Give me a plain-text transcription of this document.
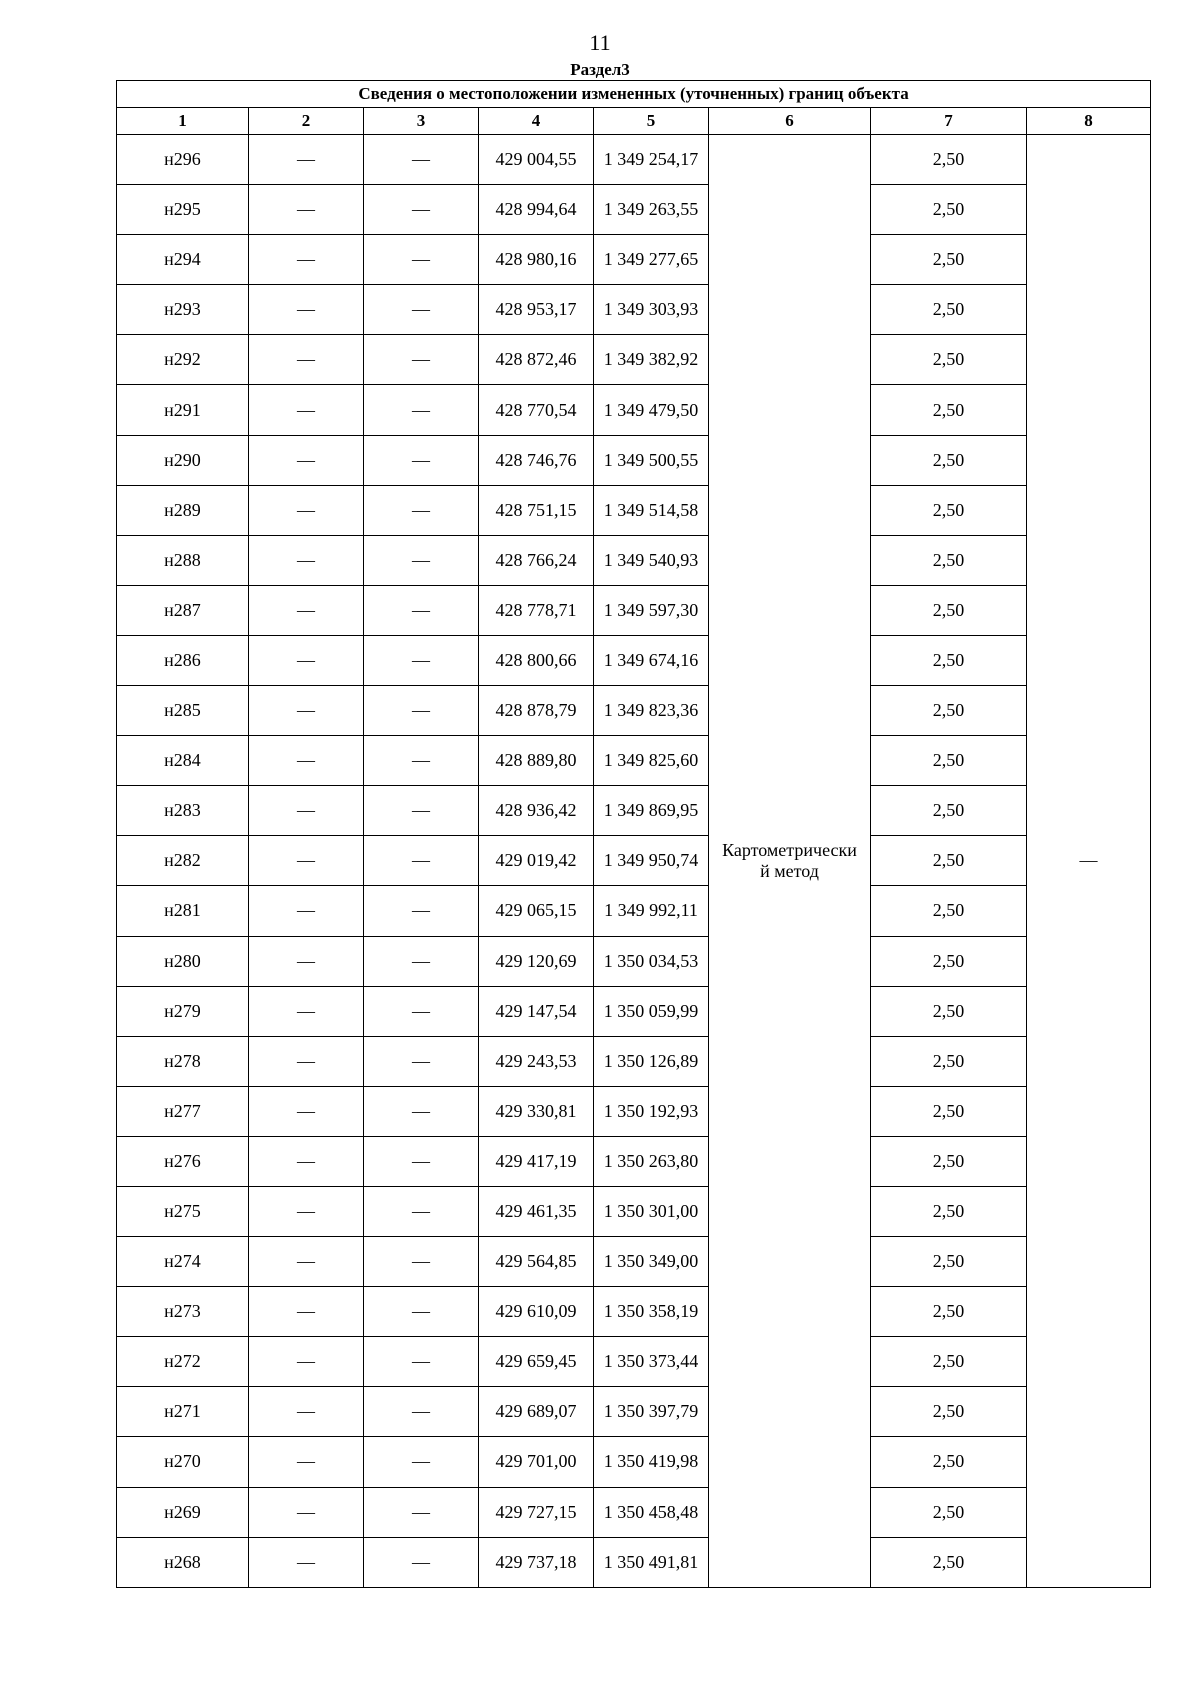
11
Раздел3
Сведения о местоположении измененных (уточненных) границ объекта							
1	2	3	4	5	6	7	8
н296	—	—	429 004,55	1 349 254,17	Картометрически
й метод	2,50	—
н295	—	—	428 994,64	1 349 263,55		2,50	
н294	—	—	428 980,16	1 349 277,65		2,50	
н293	—	—	428 953,17	1 349 303,93		2,50	
н292	—	—	428 872,46	1 349 382,92		2,50	
н291	—	—	428 770,54	1 349 479,50		2,50	
н290	—	—	428 746,76	1 349 500,55		2,50	
н289	—	—	428 751,15	1 349 514,58		2,50	
н288	—	—	428 766,24	1 349 540,93		2,50	
н287	—	—	428 778,71	1 349 597,30		2,50	
н286	—	—	428 800,66	1 349 674,16		2,50	
н285	—	—	428 878,79	1 349 823,36		2,50	
н284	—	—	428 889,80	1 349 825,60		2,50	
н283	—	—	428 936,42	1 349 869,95		2,50	
н282	—	—	429 019,42	1 349 950,74		2,50	
н281	—	—	429 065,15	1 349 992,11		2,50	
н280	—	—	429 120,69	1 350 034,53		2,50	
н279	—	—	429 147,54	1 350 059,99		2,50	
н278	—	—	429 243,53	1 350 126,89		2,50	
н277	—	—	429 330,81	1 350 192,93		2,50	
н276	—	—	429 417,19	1 350 263,80		2,50	
н275	—	—	429 461,35	1 350 301,00		2,50	
н274	—	—	429 564,85	1 350 349,00		2,50	
н273	—	—	429 610,09	1 350 358,19		2,50	
н272	—	—	429 659,45	1 350 373,44		2,50	
н271	—	—	429 689,07	1 350 397,79		2,50	
н270	—	—	429 701,00	1 350 419,98		2,50	
н269	—	—	429 727,15	1 350 458,48		2,50	
н268	—	—	429 737,18	1 350 491,81		2,50	
